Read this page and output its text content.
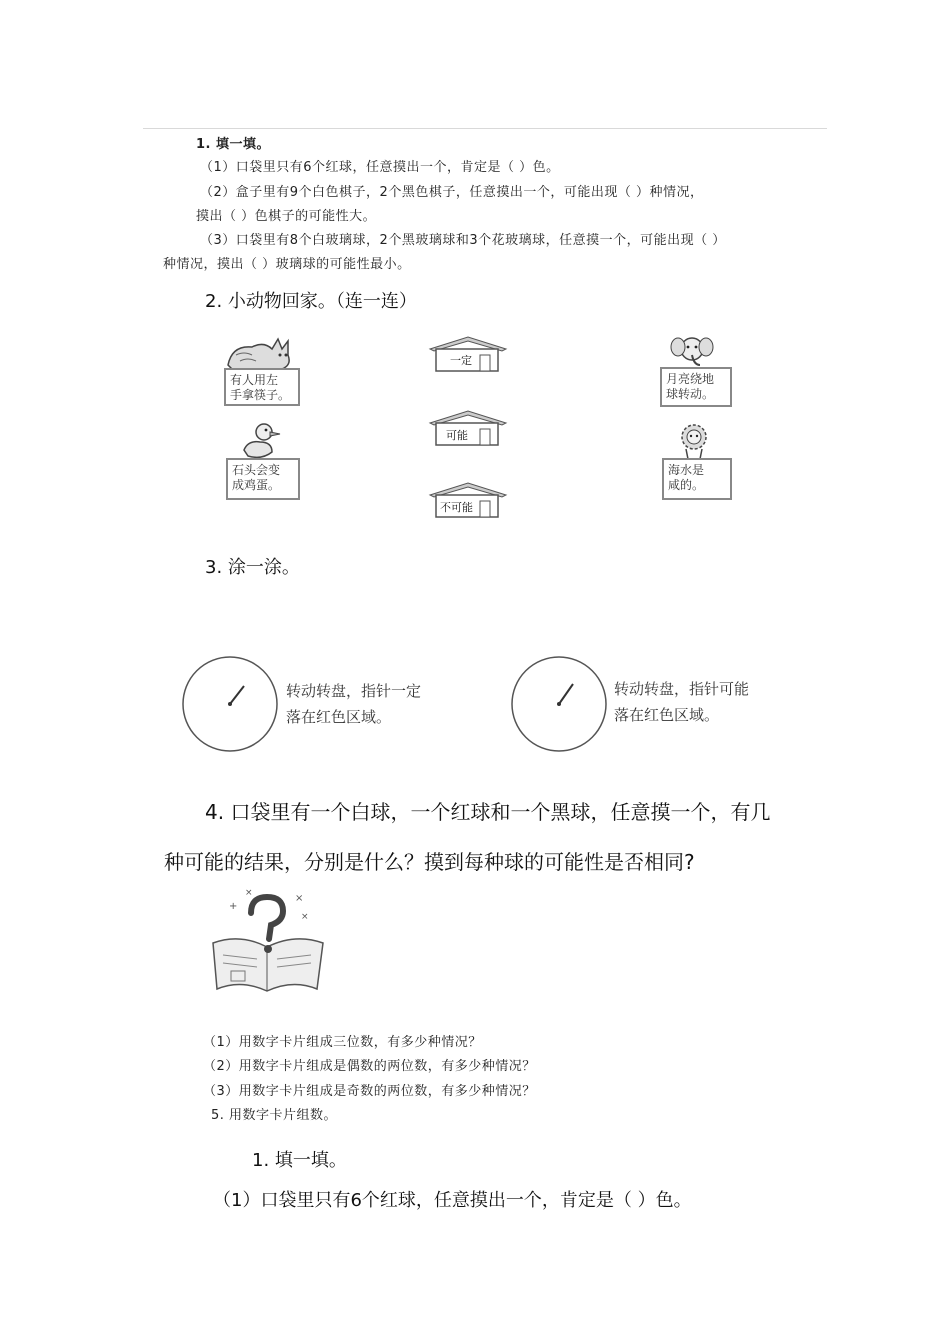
1. 填一填。
（1）口袋里只有6个红球，任意摸出一个，肯定是（ ）色。
（2）盒子里有9个白色棋子，2个黑色棋子，任意摸出一个，可能出现（ ）种情况，
摸出（ ）色棋子的可能性大。
（3）口袋里有8个白玻璃球，2个黑玻璃球和3个花玻璃球，任意摸一个，可能出现（ ）
种情况，摸出（ ）玻璃球的可能性最小。
2. 小动物回家。（连一连）
有人用左
手拿筷子。
石头会变
成鸡蛋。
一定
可能
不可能
月亮绕地
球转动。
海水是
咸的。
3. 涂一涂。
转动转盘，指针一定
落在红色区域。
转动转盘，指针可能
落在红色区域。
4. 口袋里有一个白球，一个红球和一个黑球，任意摸一个，有几
种可能的结果，分别是什么？摸到每种球的可能性是否相同?
+
×
×
×
（1）用数字卡片组成三位数，有多少种情况？
（2）用数字卡片组成是偶数的两位数，有多少种情况？
（3）用数字卡片组成是奇数的两位数，有多少种情况？
5. 用数字卡片组数。
1. 填一填。
（1）口袋里只有6个红球，任意摸出一个，肯定是（ ）色。
